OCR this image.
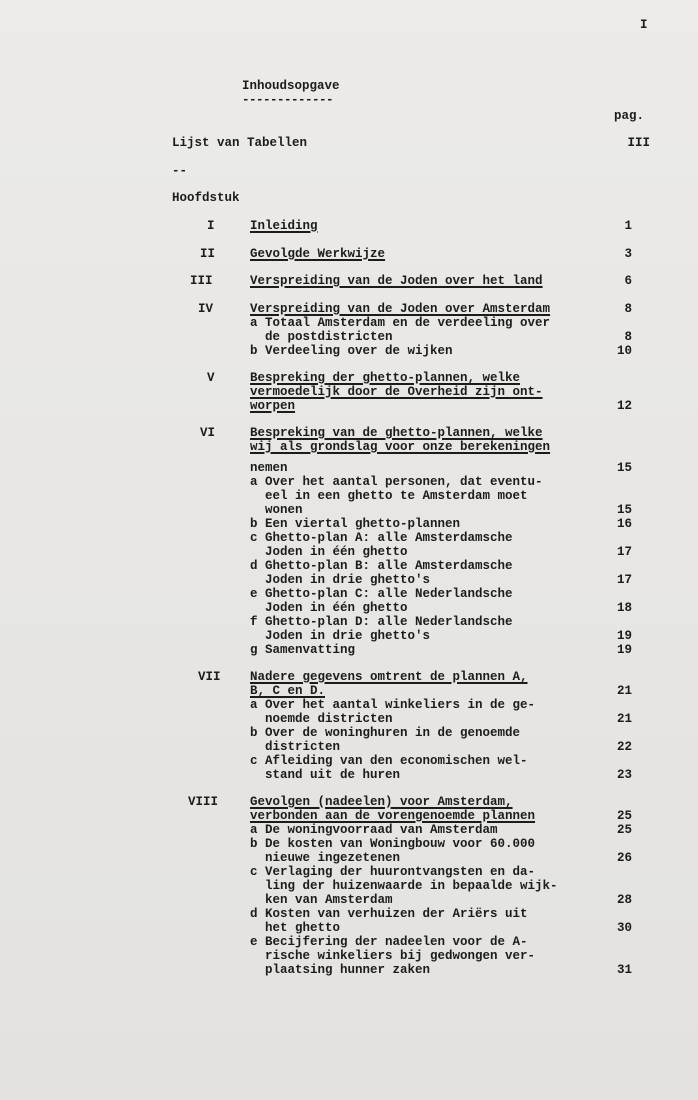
I
Inhoudsopgave
-------------
pag.
Lijst van Tabellen	III
--
Hoofdstuk
I	Inleiding	1
II	Gevolgde Werkwijze	3
III	Verspreiding van de Joden over het land	6
IV	Verspreiding van de Joden over Amsterdam	8
a Totaal Amsterdam en de verdeeling over
de postdistricten	8
b Verdeeling over de wijken	10
V	Bespreking der ghetto-plannen, welke
vermoedelijk door de Overheid zijn ont-
worpen	12
VI	Bespreking van de ghetto-plannen, welke
wij als grondslag voor onze berekeningen
nemen	15
a Over het aantal personen, dat eventu-
eel in een ghetto te Amsterdam moet
wonen	15
b Een viertal ghetto-plannen	16
c Ghetto-plan A: alle Amsterdamsche
Joden in één ghetto	17
d Ghetto-plan B: alle Amsterdamsche
Joden in drie ghetto's	17
e Ghetto-plan C: alle Nederlandsche
Joden in één ghetto	18
f Ghetto-plan D: alle Nederlandsche
Joden in drie ghetto's	19
g Samenvatting	19
VII Nadere gegevens omtrent de plannen A,
B, C en D.	21
a Over het aantal winkeliers in de ge-
noemde districten	21
b Over de woninghuren in de genoemde
districten	22
c Afleiding van den economischen wel-
stand uit de huren	23
VIII	Gevolgen (nadeelen) voor Amsterdam,
verbonden aan de vorengenoemde plannen	25
a De woningvoorraad van Amsterdam	25
b De kosten van Woningbouw voor 60.000
nieuwe ingezetenen	26
c Verlaging der huurontvangsten en da-
ling der huizenwaarde in bepaalde wijk-
ken van Amsterdam	28
d Kosten van verhuizen der Ariërs uit
het ghetto	30
e Becijfering der nadeelen voor de A-
rische winkeliers bij gedwongen ver-
plaatsing hunner zaken	31
